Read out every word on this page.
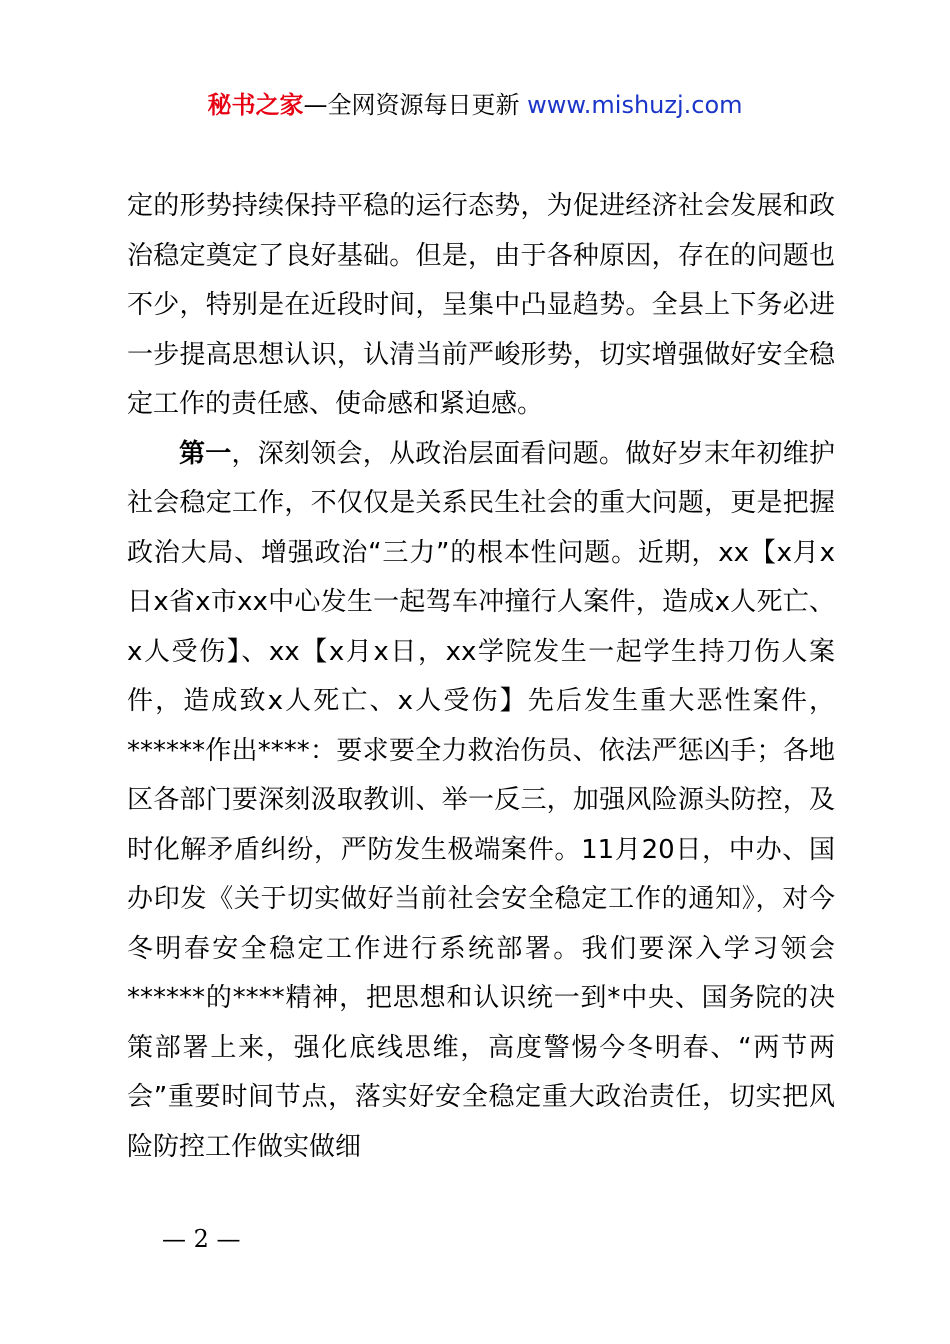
秘书之家—全网资源每日更新 www.mishuzj.com

定的形势持续保持平稳的运行态势，为促进经济社会发展和政治稳定奠定了良好基础。但是，由于各种原因，存在的问题也不少，特别是在近段时间，呈集中凸显趋势。全县上下务必进一步提高思想认识，认清当前严峻形势，切实增强做好安全稳定工作的责任感、使命感和紧迫感。

第一，深刻领会，从政治层面看问题。做好岁末年初维护社会稳定工作，不仅仅是关系民生社会的重大问题，更是把握政治大局、增强政治“三力”的根本性问题。近期，xx【x月x日x省x市xx中心发生一起驾车冲撞行人案件，造成x人死亡、x人受伤】、xx【x月x日，xx学院发生一起学生持刀伤人案件，造成致x人死亡、x人受伤】先后发生重大恶性案件，******作出****：要求要全力救治伤员、依法严惩凶手；各地区各部门要深刻汲取教训、举一反三，加强风险源头防控，及时化解矛盾纠纷，严防发生极端案件。11月20日，中办、国办印发《关于切实做好当前社会安全稳定工作的通知》，对今冬明春安全稳定工作进行系统部署。我们要深入学习领会******的****精神，把思想和认识统一到*中央、国务院的决策部署上来，强化底线思维，高度警惕今冬明春、“两节两会”重要时间节点，落实好安全稳定重大政治责任，切实把风险防控工作做实做细

— 2 —
